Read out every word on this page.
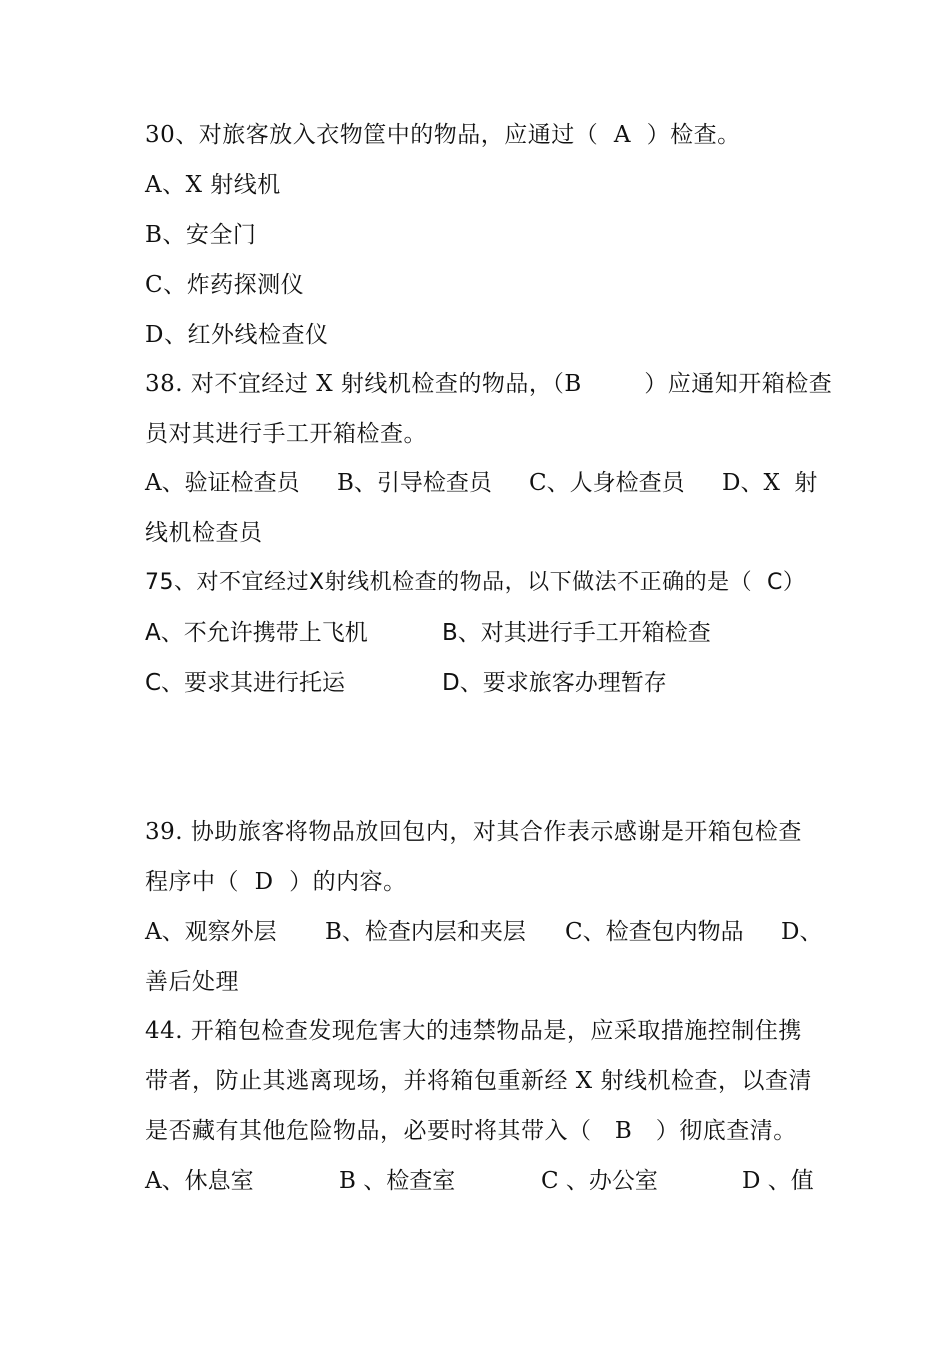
30、对旅客放入衣物筐中的物品，应通过（  A  ）检查。
A、X 射线机
B、安全门
C、炸药探测仪
D、红外线检查仪
38. 对不宜经过 X 射线机检查的物品，（B        ）应通知开箱检查
员对其进行手工开箱检查。

A、验证检查员

B、引导检查员

C、人身检查员

D、X  射

线机检查员
75、对不宜经过X射线机检查的物品，以下做法不正确的是（  C）

A、不允许携带上飞机

	B、对其进行手工开箱检查

C、要求其进行托运

	D、要求旅客办理暂存

39. 协助旅客将物品放回包内，对其合作表示感谢是开箱包检查
程序中（  D  ）的内容。

A、观察外层

B、检查内层和夹层

C、检查包内物品

D、

善后处理
44. 开箱包检查发现危害大的违禁物品是，应采取措施控制住携
带者，防止其逃离现场，并将箱包重新经 X 射线机检查，以查清
是否藏有其他危险物品，必要时将其带入（   B   ）彻底查清。

A、休息室

	B 、检查室

	C 、办公室

	D 、值
